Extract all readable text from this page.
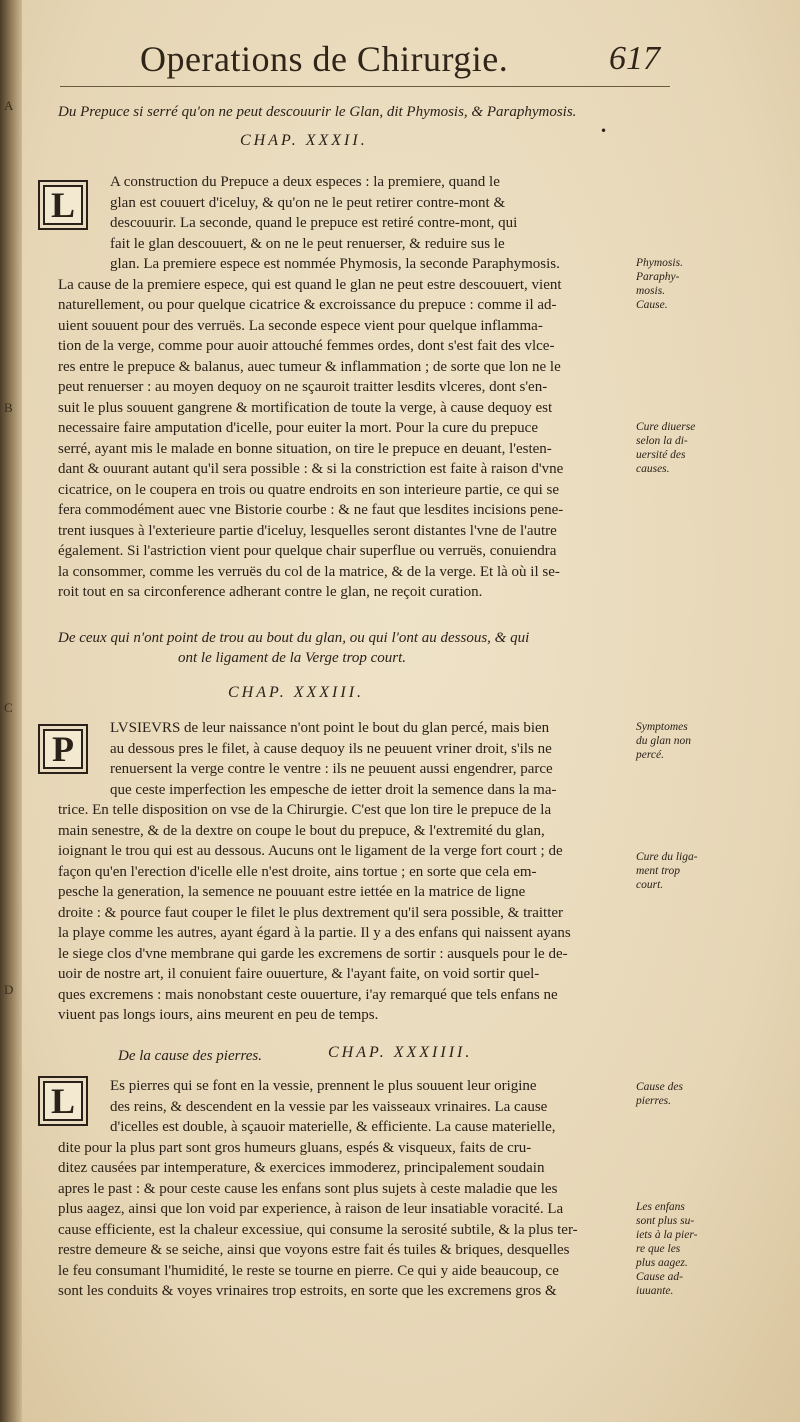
Operations de Chirurgie.	617
A
B
C
D
Du Prepuce si serré qu'on ne peut descouurir le Glan, dit Phymosis, & Paraphymosis.
CHAP. XXXII.
•
L
A construction du Prepuce a deux especes : la premiere, quand le
glan est couuert d'iceluy, & qu'on ne le peut retirer contre-mont &
descouurir. La seconde, quand le prepuce est retiré contre-mont, qui
fait le glan descouuert, & on ne le peut renuerser, & reduire sus le
glan. La premiere espece est nommée Phymosis, la seconde Paraphymosis.
La cause de la premiere espece, qui est quand le glan ne peut estre descouuert, vient
naturellement, ou pour quelque cicatrice & excroissance du prepuce : comme il ad-
uient souuent pour des verruës. La seconde espece vient pour quelque inflamma-
tion de la verge, comme pour auoir attouché femmes ordes, dont s'est fait des vlce-
res entre le prepuce & balanus, auec tumeur & inflammation ; de sorte que lon ne le
peut renuerser : au moyen dequoy on ne sçauroit traitter lesdits vlceres, dont s'en-
suit le plus souuent gangrene & mortification de toute la verge, à cause dequoy est
necessaire faire amputation d'icelle, pour euiter la mort. Pour la cure du prepuce
serré, ayant mis le malade en bonne situation, on tire le prepuce en deuant, l'esten-
dant & ouurant autant qu'il sera possible : & si la constriction est faite à raison d'vne
cicatrice, on le coupera en trois ou quatre endroits en son interieure partie, ce qui se
fera commodément auec vne Bistorie courbe : & ne faut que lesdites incisions pene-
trent iusques à l'exterieure partie d'iceluy, lesquelles seront distantes l'vne de l'autre
également. Si l'astriction vient pour quelque chair superflue ou verruës, conuiendra
la consommer, comme les verruës du col de la matrice, & de la verge. Et là où il se-
roit tout en sa circonference adherant contre le glan, ne reçoit curation.
Phymosis.
Paraphy-
mosis.
Cause.
Cure diuerse
selon la di-
uersité des
causes.
De ceux qui n'ont point de trou au bout du glan, ou qui l'ont au dessous, & qui
ont le ligament de la Verge trop court.
CHAP. XXXIII.
P
LVSIEVRS de leur naissance n'ont point le bout du glan percé, mais bien
au dessous pres le filet, à cause dequoy ils ne peuuent vriner droit, s'ils ne
renuersent la verge contre le ventre : ils ne peuuent aussi engendrer, parce
que ceste imperfection les empesche de ietter droit la semence dans la ma-
trice. En telle disposition on vse de la Chirurgie. C'est que lon tire le prepuce de la
main senestre, & de la dextre on coupe le bout du prepuce, & l'extremité du glan,
ioignant le trou qui est au dessous. Aucuns ont le ligament de la verge fort court ; de
façon qu'en l'erection d'icelle elle n'est droite, ains tortue ; en sorte que cela em-
pesche la generation, la semence ne pouuant estre iettée en la matrice de ligne
droite : & pource faut couper le filet le plus dextrement qu'il sera possible, & traitter
la playe comme les autres, ayant égard à la partie. Il y a des enfans qui naissent ayans
le siege clos d'vne membrane qui garde les excremens de sortir : ausquels pour le de-
uoir de nostre art, il conuient faire ouuerture, & l'ayant faite, on void sortir quel-
ques excremens : mais nonobstant ceste ouuerture, i'ay remarqué que tels enfans ne
viuent pas longs iours, ains meurent en peu de temps.
Symptomes
du glan non
percé.
Cure du liga-
ment trop
court.
De la cause des pierres.	CHAP. XXXIIII.
L	Es pierres qui se font en la vessie, prennent le plus souuent leur origine
des reins, & descendent en la vessie par les vaisseaux vrinaires. La cause
d'icelles est double, à sçauoir materielle, & efficiente. La cause materielle,
dite pour la plus part sont gros humeurs gluans, espés & visqueux, faits de cru-
ditez causées par intemperature, & exercices immoderez, principalement soudain
apres le past : & pour ceste cause les enfans sont plus sujets à ceste maladie que les
plus aagez, ainsi que lon void par experience, à raison de leur insatiable voracité. La
cause efficiente, est la chaleur excessiue, qui consume la serosité subtile, & la plus ter-
restre demeure & se seiche, ainsi que voyons estre fait és tuiles & briques, desquelles
le feu consumant l'humidité, le reste se tourne en pierre. Ce qui y aide beaucoup, ce
sont les conduits & voyes vrinaires trop estroits, en sorte que les excremens gros &
Cause des
pierres.
Les enfans
sont plus su-
iets à la pier-
re que les
plus aagez.
Cause ad-
iuuante.
